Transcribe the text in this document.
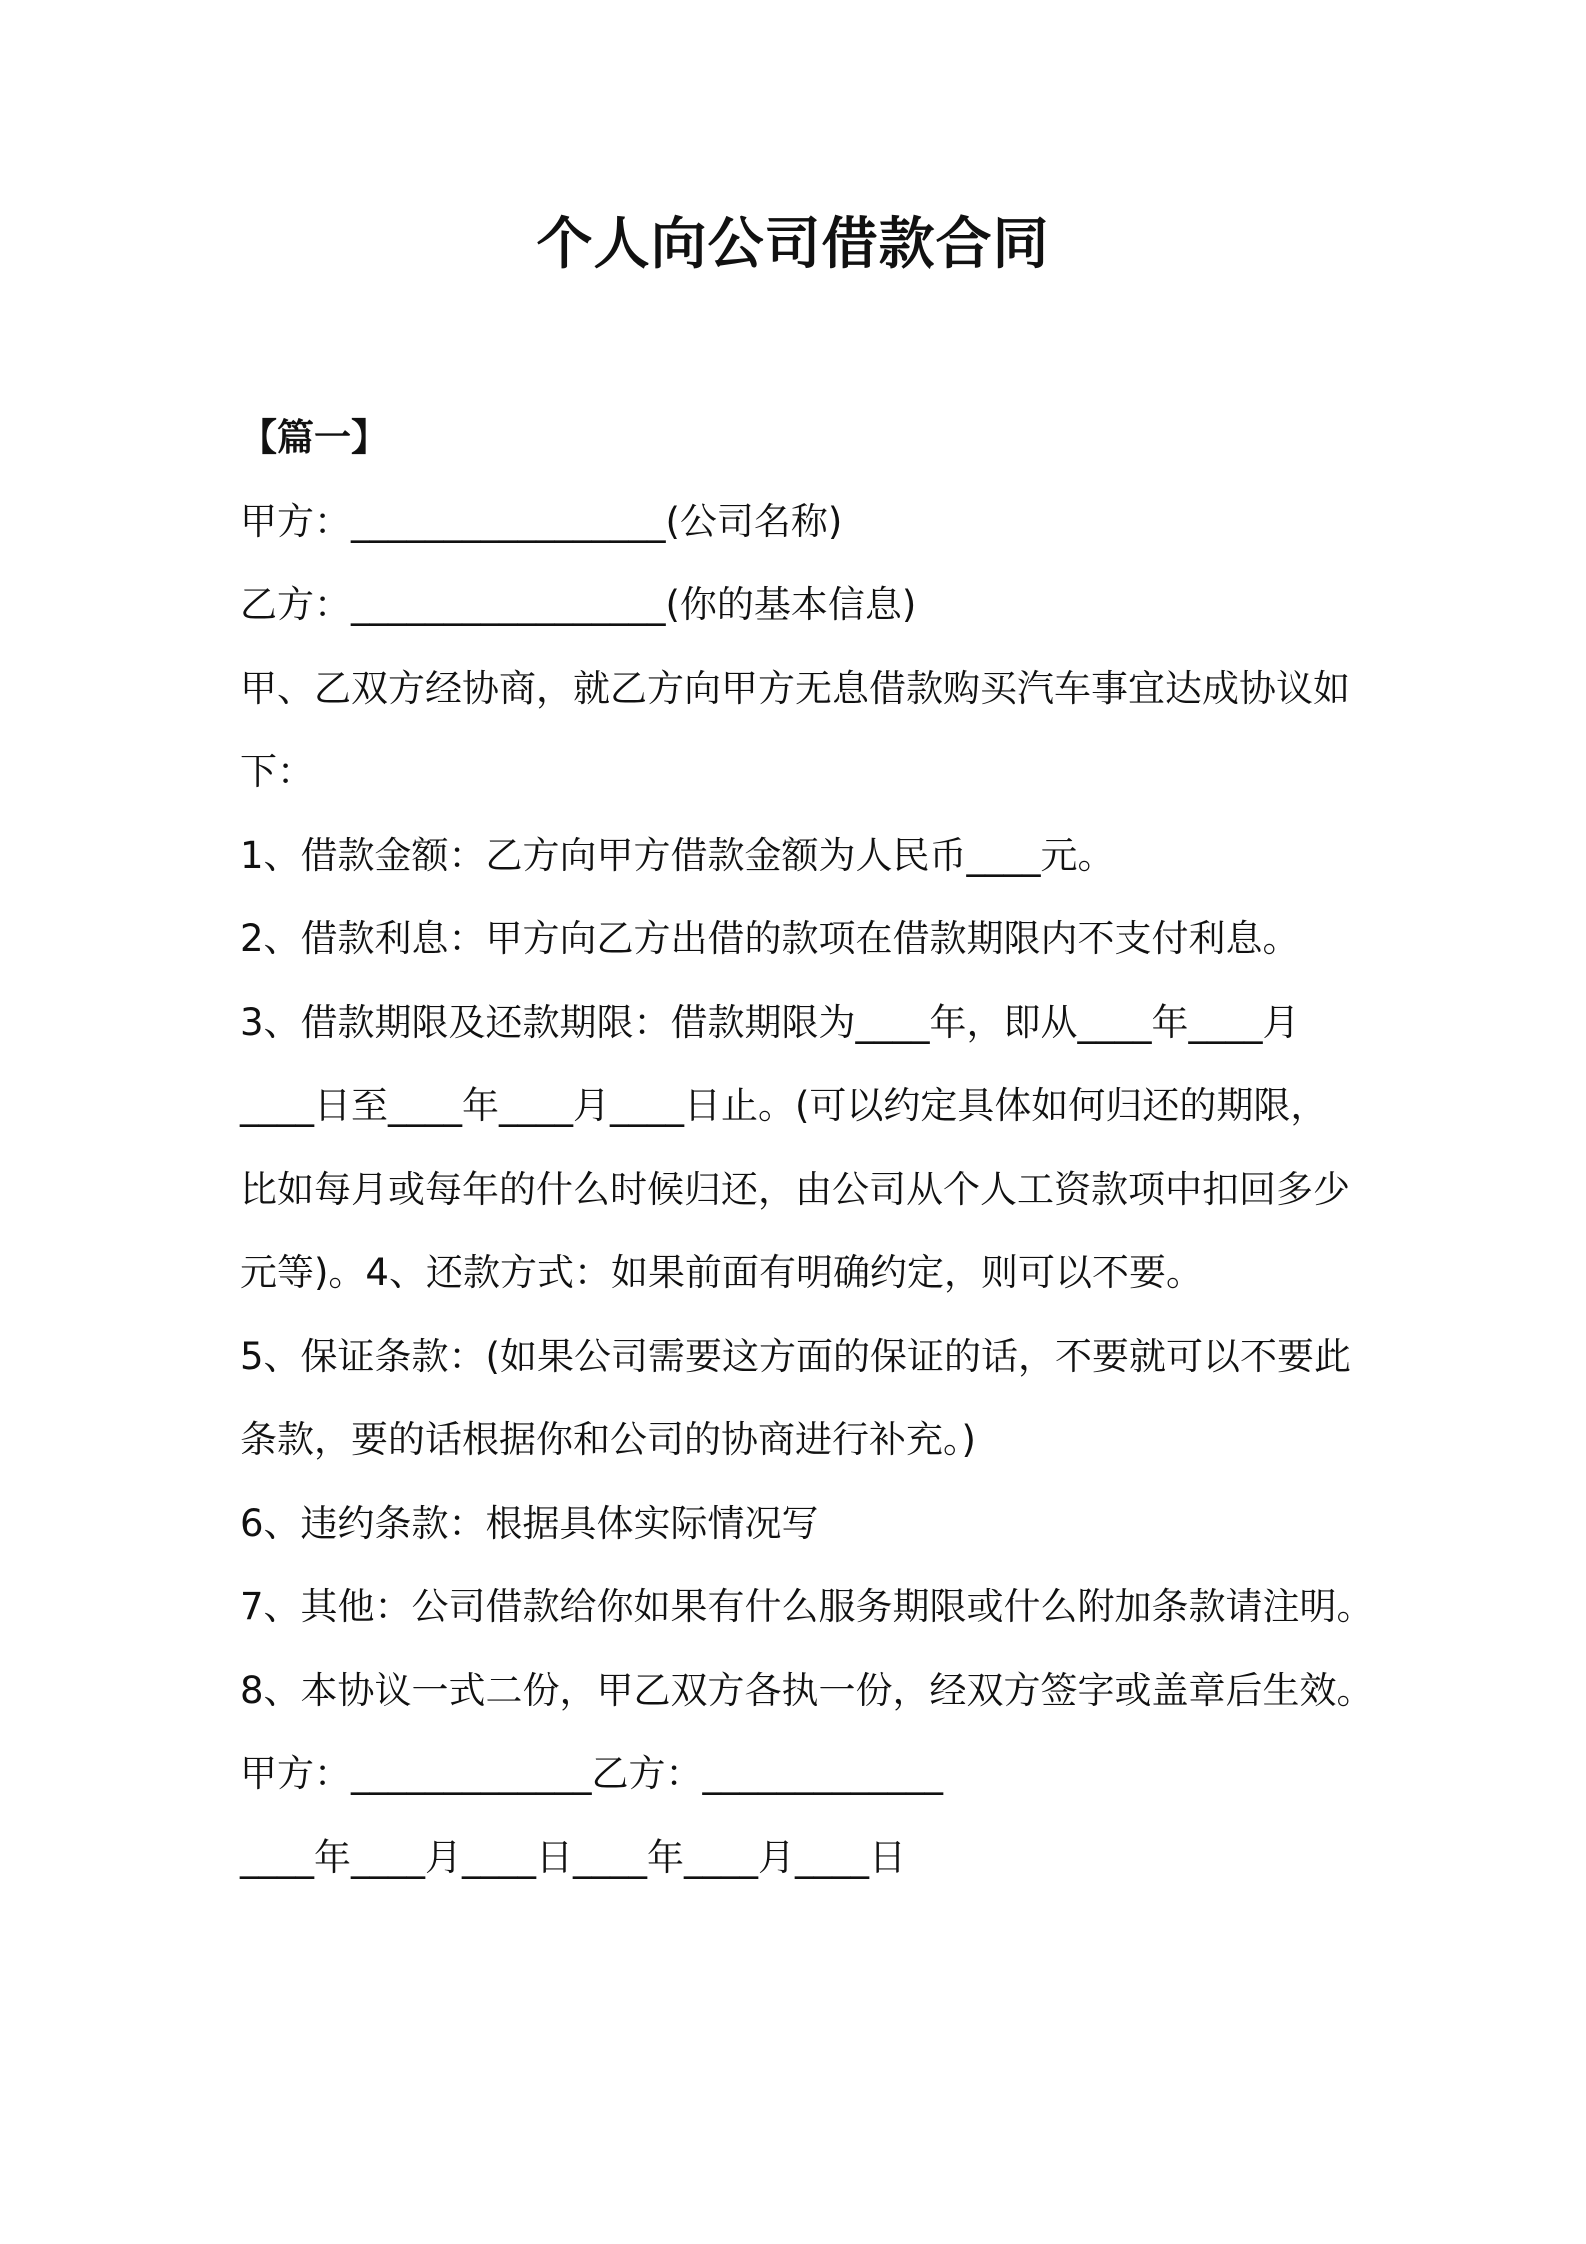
个人向公司借款合同
【篇一】
甲方：_________________(公司名称)
乙方：_________________(你的基本信息)
甲、乙双方经协商，就乙方向甲方无息借款购买汽车事宜达成协议如
下：
1、借款金额：乙方向甲方借款金额为人民币____元。
2、借款利息：甲方向乙方出借的款项在借款期限内不支付利息。
3、借款期限及还款期限：借款期限为____年，即从____年____月
____日至____年____月____日止。(可以约定具体如何归还的期限，
比如每月或每年的什么时候归还，由公司从个人工资款项中扣回多少
元等)。4、还款方式：如果前面有明确约定，则可以不要。
5、保证条款：(如果公司需要这方面的保证的话，不要就可以不要此
条款，要的话根据你和公司的协商进行补充。)
6、违约条款：根据具体实际情况写
7、其他：公司借款给你如果有什么服务期限或什么附加条款请注明。
8、本协议一式二份，甲乙双方各执一份，经双方签字或盖章后生效。
甲方：_____________乙方：_____________
____年____月____日____年____月____日
